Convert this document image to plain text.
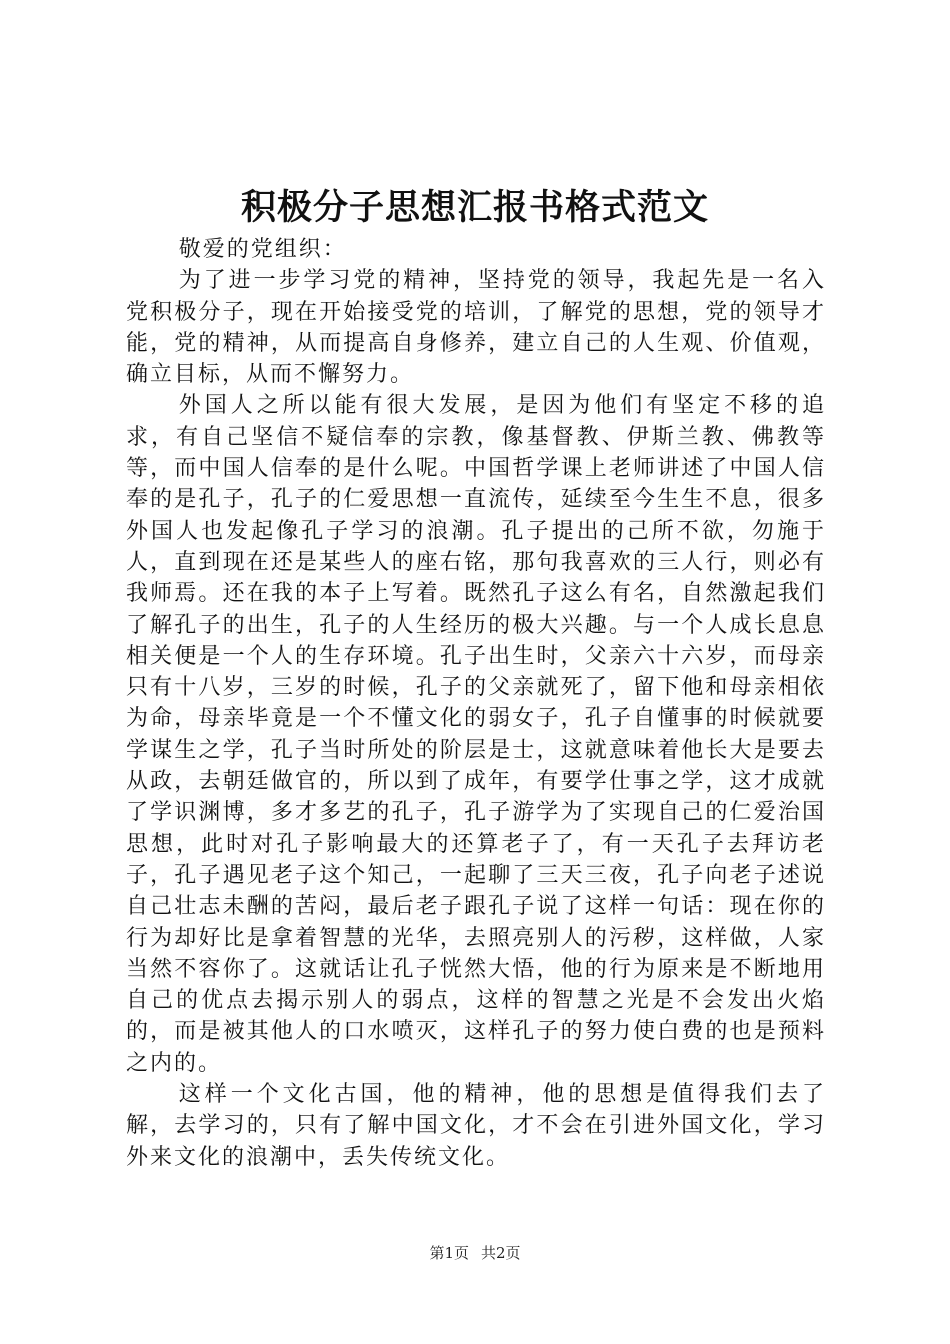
积极分子思想汇报书格式范文

敬爱的党组织：

为了进一步学习党的精神，坚持党的领导，我起先是一名入党积极分子，现在开始接受党的培训，了解党的思想，党的领导才能，党的精神，从而提高自身修养，建立自己的人生观、价值观，确立目标，从而不懈努力。

外国人之所以能有很大发展，是因为他们有坚定不移的追求，有自己坚信不疑信奉的宗教，像基督教、伊斯兰教、佛教等等，而中国人信奉的是什么呢。中国哲学课上老师讲述了中国人信奉的是孔子，孔子的仁爱思想一直流传，延续至今生生不息，很多外国人也发起像孔子学习的浪潮。孔子提出的己所不欲，勿施于人，直到现在还是某些人的座右铭，那句我喜欢的三人行，则必有我师焉。还在我的本子上写着。既然孔子这么有名，自然激起我们了解孔子的出生，孔子的人生经历的极大兴趣。与一个人成长息息相关便是一个人的生存环境。孔子出生时，父亲六十六岁，而母亲只有十八岁，三岁的时候，孔子的父亲就死了，留下他和母亲相依为命，母亲毕竟是一个不懂文化的弱女子，孔子自懂事的时候就要学谋生之学，孔子当时所处的阶层是士，这就意味着他长大是要去从政，去朝廷做官的，所以到了成年，有要学仕事之学，这才成就了学识渊博，多才多艺的孔子，孔子游学为了实现自己的仁爱治国思想，此时对孔子影响最大的还算老子了，有一天孔子去拜访老子，孔子遇见老子这个知己，一起聊了三天三夜，孔子向老子述说自己壮志未酬的苦闷，最后老子跟孔子说了这样一句话：现在你的行为却好比是拿着智慧的光华，去照亮别人的污秽，这样做，人家当然不容你了。这就话让孔子恍然大悟，他的行为原来是不断地用自己的优点去揭示别人的弱点，这样的智慧之光是不会发出火焰的，而是被其他人的口水喷灭，这样孔子的努力使白费的也是预料之内的。

这样一个文化古国，他的精神，他的思想是值得我们去了解，去学习的，只有了解中国文化，才不会在引进外国文化，学习外来文化的浪潮中，丢失传统文化。

第1页 共2页
